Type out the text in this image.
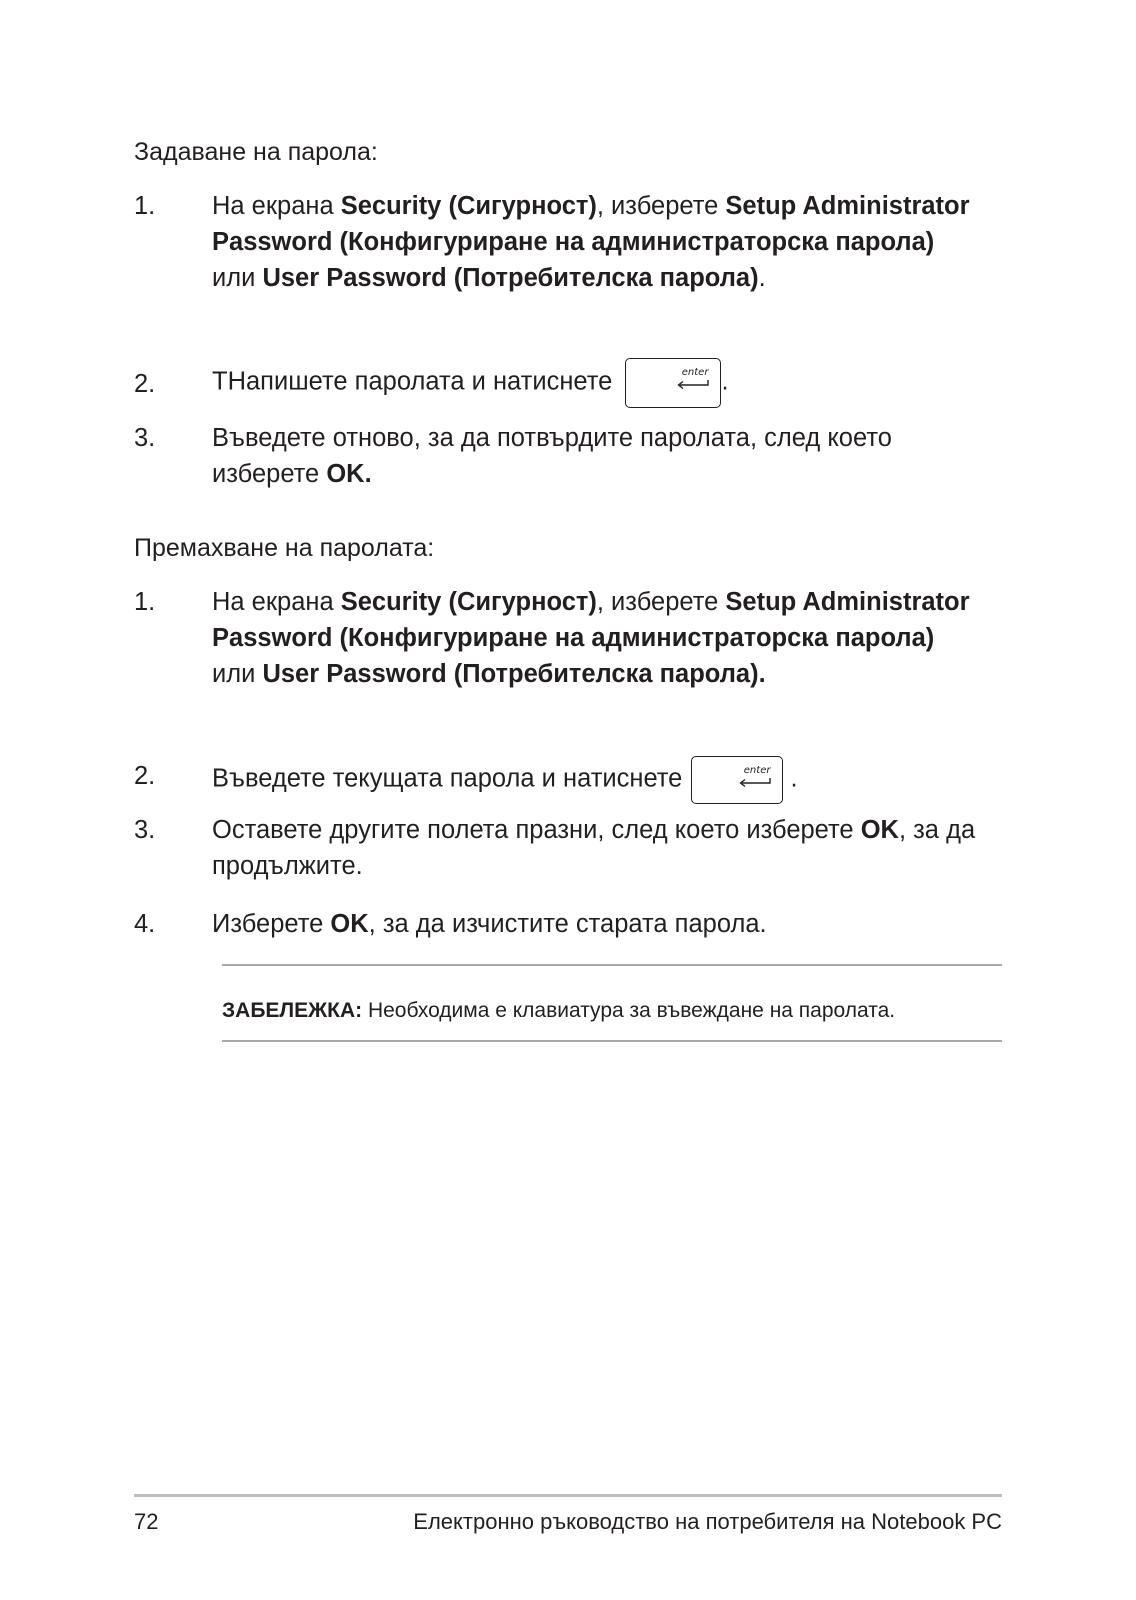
Задаване на парола:
1. На екрана Security (Сигурност), изберете Setup Administrator Password (Конфигуриране на администраторска парола) или User Password (Потребителска парола).
2. ТНапишете паролата и натиснете	enter .
3. Въведете отново, за да потвърдите паролата, след което изберете OK.
Премахване на паролата:
1. На екрана Security (Сигурност), изберете Setup Administrator Password (Конфигуриране на администраторска парола) или User Password (Потребителска парола).
2. Въведете текущата парола и натиснете	enter .
3. Оставете другите полета празни, след което изберете OK, за да продължите.
4. Изберете OK, за да изчистите старата парола.
ЗАБЕЛЕЖКА: Необходима е клавиатура за въвеждане на паролата.
72	Електронно ръководство на потребителя на Notebook PC
